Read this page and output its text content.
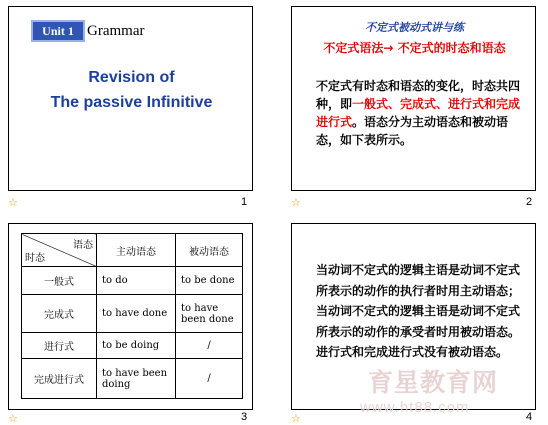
Unit 1 Grammar
Revision of
The passive Infinitive
☆	1
不定式被动式讲与练
不定式语法→ 不定式的时态和语态
不定式有时态和语态的变化，时态共四种，即一般式、完成式、进行式和完成进行式。语态分为主动语态和被动语态，如下表所示。
☆	2
语态
时态	主动语态	被动语态
一般式	to do	to be done
完成式	to have done	to have been done
进行式	to be doing	/
完成进行式	to have been doing	/
☆	3
当动词不定式的逻辑主语是动词不定式所表示的动作的执行者时用主动语态；当动词不定式的逻辑主语是动词不定式所表示的动作的承受者时用被动语态。进行式和完成进行式没有被动语态。
☆	4
育星教育网
www.ht88.com
